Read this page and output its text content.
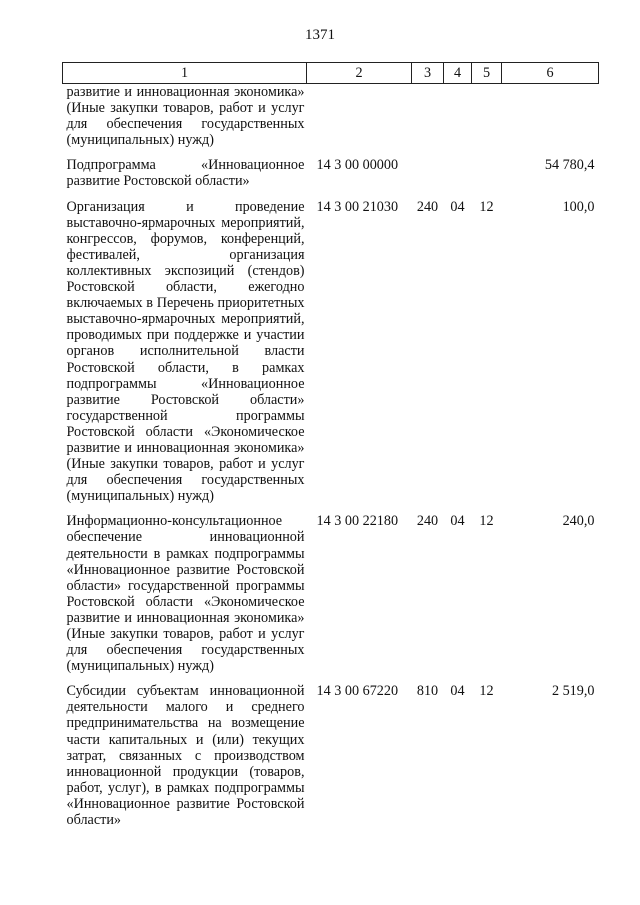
1371
1	2	3	4	5	6
развитие и инновационная экономика» (Иные закупки товаров, работ и услуг для обеспечения государственных (муниципальных) нужд)					

Подпрограмма «Инновационное развитие Ростовской области»	14 3 00 00000				54 780,4

Организация и проведение выставочно-ярмарочных мероприятий, конгрессов, форумов, конференций, фестивалей, организация коллективных экспозиций (стендов) Ростовской области, ежегодно включаемых в Перечень приоритетных выставочно-ярмарочных мероприятий, проводимых при поддержке и участии органов исполнительной власти Ростовской области, в рамках подпрограммы «Инновационное развитие Ростовской области» государственной программы Ростовской области «Экономическое развитие и инновационная экономика» (Иные закупки товаров, работ и услуг для обеспечения государственных (муниципальных) нужд)	14 3 00 21030	240	04	12	100,0

Информационно-консультационное обеспечение инновационной деятельности в рамках подпрограммы «Инновационное развитие Ростовской области» государственной программы Ростовской области «Экономическое развитие и инновационная экономика» (Иные закупки товаров, работ и услуг для обеспечения государственных (муниципальных) нужд)	14 3 00 22180	240	04	12	240,0

Субсидии субъектам инновационной деятельности малого и среднего предпринимательства на возмещение части капитальных и (или) текущих затрат, связанных с производством инновационной продукции (товаров, работ, услуг), в рамках подпрограммы «Инновационное развитие Ростовской области»	14 3 00 67220	810	04	12	2 519,0
